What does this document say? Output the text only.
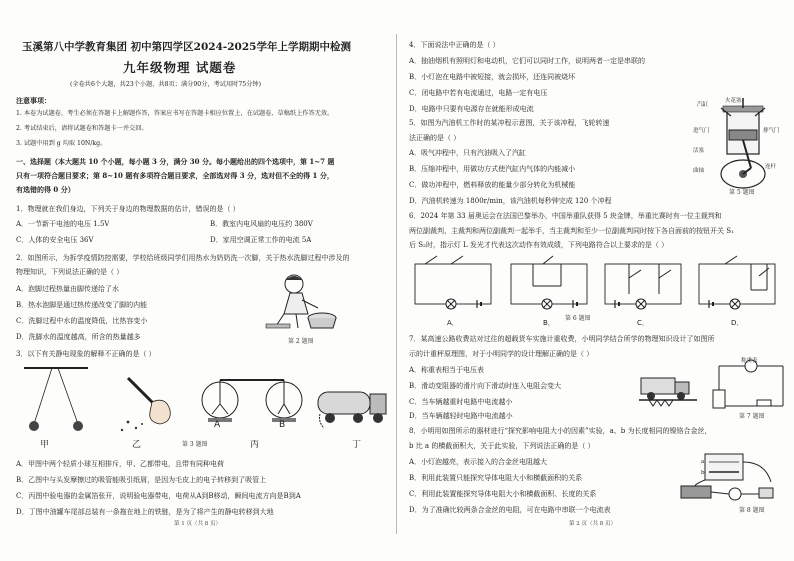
玉溪第八中学教育集团 初中第四学区2024-2025学年上学期期中检测
九年级物理 试题卷
(全卷共6个大题，共23个小题，共8页；满分90分，考试用时75分钟)
注意事项：
1. 本卷为试题卷，考生必须在答题卡上解题作答，答案应书写在答题卡相应位置上，在试题卷、草稿纸上作答无效。
2. 考试结束后，请将试题卷和答题卡一并交回。
3. 试题中用到 g 均取 10N/kg。
一、选择题（本大题共 10 个小题，每小题 3 分，满分 30 分。每小题给出的四个选项中，第 1~7 题
只有一项符合题目要求；第 8~10 题有多项符合题目要求，全部选对得 3 分，选对但不全的得 1 分，
有选错的得 0 分）
1．物理就在我们身边，下列关于身边的物理数据的估计，错误的是（ ）
A．一节新干电池的电压 1.5V	B．教室内电风扇的电压约 380V
C．人体的安全电压 36V	D．家用空调正常工作的电流 5A
2．如图所示，为拆学疫情防控需要，学校给班级同学们用热水为奶奶洗一次脚，关于热水洗脚过程中涉及的
物理知识，下列说法正确的是（ ）
A．泡脚过程热量由脚传递给了水
B．热水泡脚是通过热传递改变了脚的内能
C．洗脚过程中水的温度降低，比热容变小
D．洗脚水的温度越高，所含的热量越多
第 2 题图
3．以下有关静电现象的解释不正确的是（ ）
甲	乙
A	B
丙	丁
第 3 题图
A．甲图中两个轻质小球互相排斥，甲、乙都带电，且带有同种电荷
B．乙图中与头发摩擦过的吸管能吸引纸屑，是因为毛皮上的电子转移到了吸管上
C．丙图中验电器的金属箔张开，说明验电器带电，电荷从A到B移动，瞬间电流方向是B到A
D．丁图中油罐车尾部总装有一条拖在地上的铁链，是为了将产生的静电转移到大地
第 1 页（共 8 页）
4．下面说法中正确的是（ ）
A．抽油烟机有照明灯和电动机，它们可以同时工作，说明两者一定是串联的
B．小灯泡在电路中被短接，就会损坏，还连同被烧坏
C．闭电路中若有电流通过，电路一定有电压
D．电路中只要有电源存在就能形成电流
5．如图为汽油机工作时的某冲程示意图，关于该冲程，飞轮转速
法正确的是（ ）
A．吸气冲程中，只有汽油吸入了汽缸
B．压缩冲程中，用做功方式使汽缸内气体的内能减小
C．做功冲程中，燃料释放的能量少部分转化为机械能
D．汽油机转速为 1800r/min，该汽油机每秒钟完成 120 个冲程
火花塞
汽缸
进气门	排气门
活塞
连杆
曲轴
第 5 题图
6．2024 年第 33 届奥运会在法国巴黎举办，中国举重队获得 5 块金牌，举重比赛时有一位主裁判和
两位副裁判，主裁判和两位副裁判一起举手，当主裁判和至少一位副裁判同时按下各自面前的按钮开关 S₁
后 S₂时，指示灯 L 发光才代表这次动作有效成绩，下列电路符合以上要求的是（ ）
A．	B．	C．	D．
第 6 题图
7．某高速公路收费站对过往的超载货车实施计重收费，小明同学结合所学的物理知识设计了如图所
示的计重秤原理图，对于小明同学的设计理解正确的是（ ）
A．称重表相当于电压表
B．滑动变阻器的滑片向下滑动时连入电阻会变大
C．当车辆越重时电路中电流越小
D．当车辆越轻时电路中电流越小
称重表
第 7 题图
8．小明用如图所示的器材进行“探究影响电阻大小的因素”实验，a、b 为长度相同的镍铬合金丝，
b 比 a 的横截面积大，关于此实验，下列说法正确的是（ ）
A．小灯泡越亮，表示接入的合金丝电阻越大
B．利用此装置只能探究导体电阻大小和横截面积的关系
C．利用此装置能探究导体电阻大小和横截面积、长度的关系
D．为了准确比较两条合金丝的电阻，可在电路中串联一个电流表
a
b
第 8 题图
第 2 页（共 8 页）
